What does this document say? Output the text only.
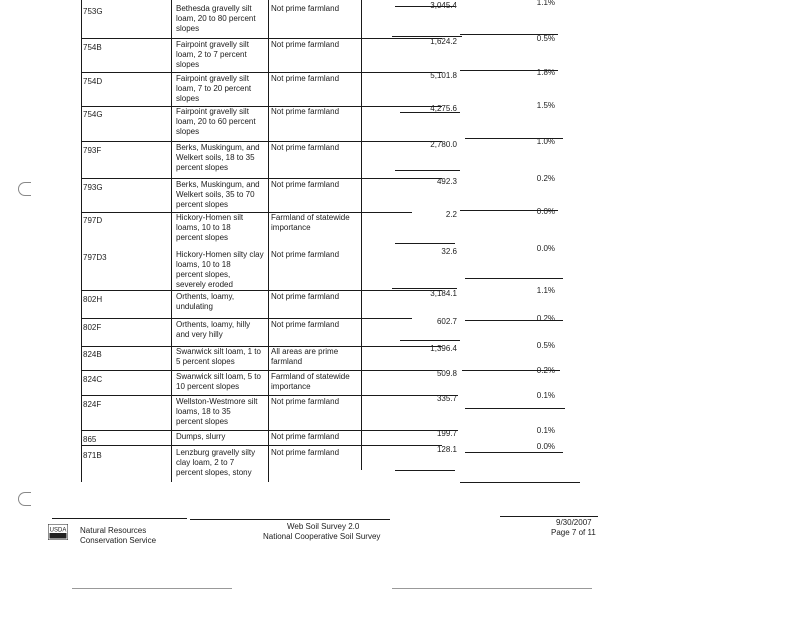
753G	Bethesda gravelly silt
loam, 20 to 80 percent
slopes
Not prime farmland	3,045.4	1.1%
754B	Fairpoint gravelly silt
loam, 2 to 7 percent
slopes
Not prime farmland	1,624.2	0.5%
754D	Fairpoint gravelly silt
loam, 7 to 20 percent
slopes
Not prime farmland	5,101.8	1.8%
754G	Fairpoint gravelly silt
loam, 20 to 60 percent
slopes
Not prime farmland	4,275.6	1.5%
793F	Berks, Muskingum, and
Welkert soils, 18 to 35
percent slopes
Not prime farmland	2,780.0	1.0%
793G	Berks, Muskingum, and
Welkert soils, 35 to 70
percent slopes
Not prime farmland	492.3	0.2%
797D	Hickory-Homen silt
loams, 10 to 18
percent slopes
Farmland of statewide
importance
2.2	0.0%
797D3	Hickory-Homen silty clay
loams, 10 to 18
percent slopes,
severely eroded
Not prime farmland	32.6	0.0%
802H	Orthents, loamy,
undulating
Not prime farmland	3,184.1	1.1%
802F	Orthents, loamy, hilly
and very hilly
Not prime farmland	602.7	0.2%
824B	Swanwick silt loam, 1 to
5 percent slopes
All areas are prime
farmland
1,396.4	0.5%
824C	Swanwick silt loam, 5 to
10 percent slopes
Farmland of statewide
importance
509.8	0.2%
824F	Wellston-Westmore silt
loams, 18 to 35
percent slopes
Not prime farmland	335.7	0.1%
865	Dumps, slurry	Not prime farmland	199.7	0.1%
871B	Lenzburg gravelly silty
clay loam, 2 to 7
percent slopes, stony
Not prime farmland	128.1	0.0%
USDA Natural Resources
Conservation Service
Web Soil Survey 2.0
National Cooperative Soil Survey
9/30/2007
Page 7 of 11
